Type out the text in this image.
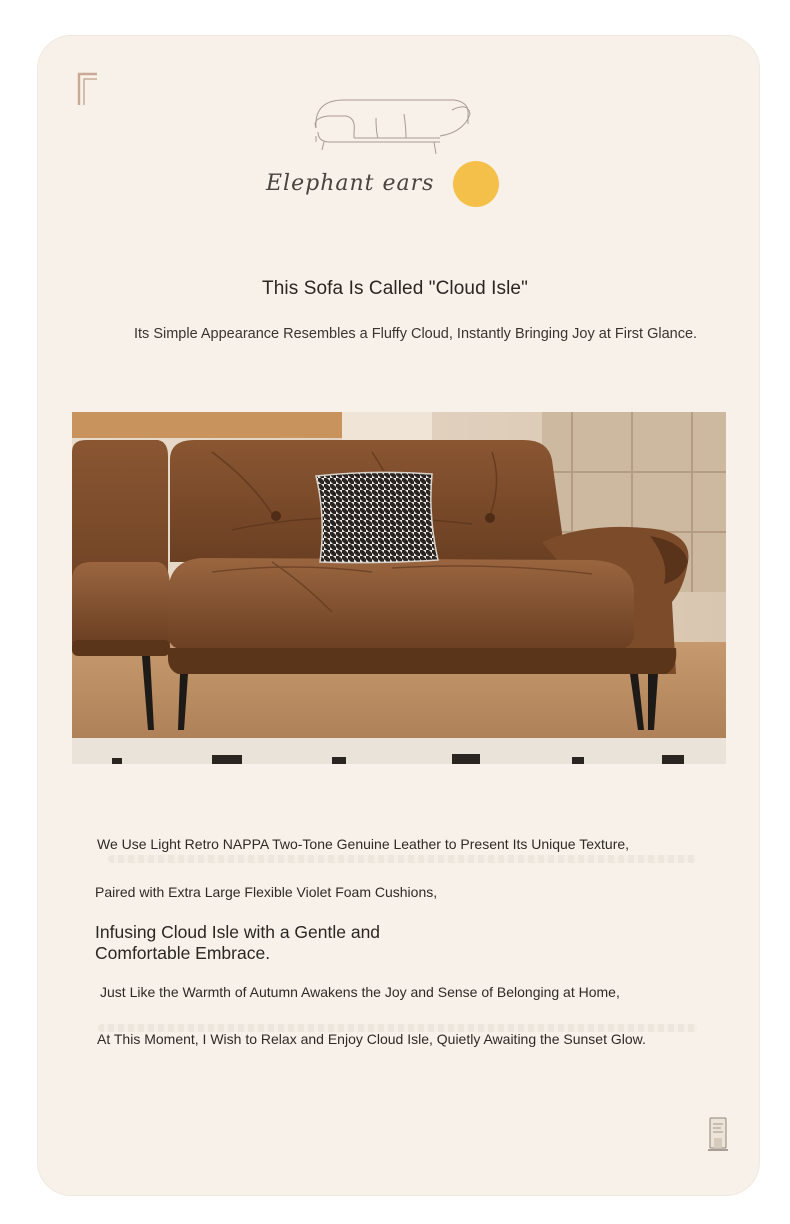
Elephant ears
This Sofa Is Called "Cloud Isle"
Its Simple Appearance Resembles a Fluffy Cloud, Instantly Bringing Joy at First Glance.
We Use Light Retro NAPPA Two-Tone Genuine Leather to Present Its Unique Texture,
Paired with Extra Large Flexible Violet Foam Cushions,
Infusing Cloud Isle with a Gentle and Comfortable Embrace.
Just Like the Warmth of Autumn Awakens the Joy and Sense of Belonging at Home,
At This Moment, I Wish to Relax and Enjoy Cloud Isle, Quietly Awaiting the Sunset Glow.
